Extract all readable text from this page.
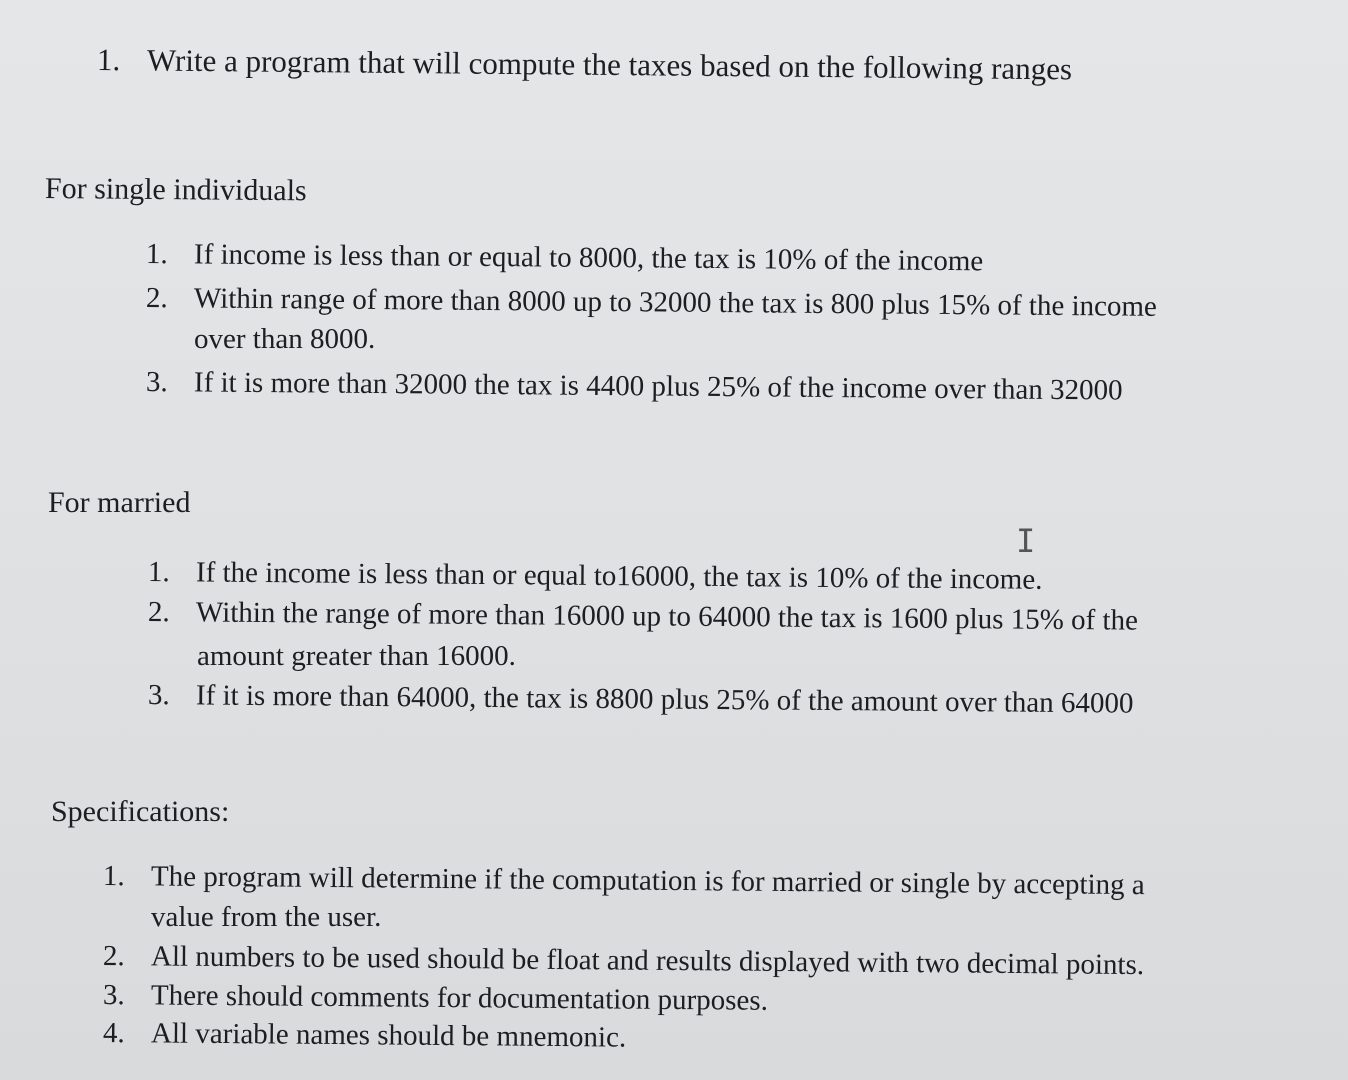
1. Write a program that will compute the taxes based on the following ranges
For single individuals
1. If income is less than or equal to 8000, the tax is 10% of the income
2. Within range of more than 8000 up to 32000 the tax is 800 plus 15% of the income
over than 8000.
3. If it is more than 32000 the tax is 4400 plus 25% of the income over than 32000
For married
I
1. If the income is less than or equal to16000, the tax is 10% of the income.
2. Within the range of more than 16000 up to 64000 the tax is 1600 plus 15% of the
amount greater than 16000.
3. If it is more than 64000, the tax is 8800 plus 25% of the amount over than 64000
Specifications:
1. The program will determine if the computation is for married or single by accepting a
value from the user.
2. All numbers to be used should be float and results displayed with two decimal points.
3. There should comments for documentation purposes.
4. All variable names should be mnemonic.
